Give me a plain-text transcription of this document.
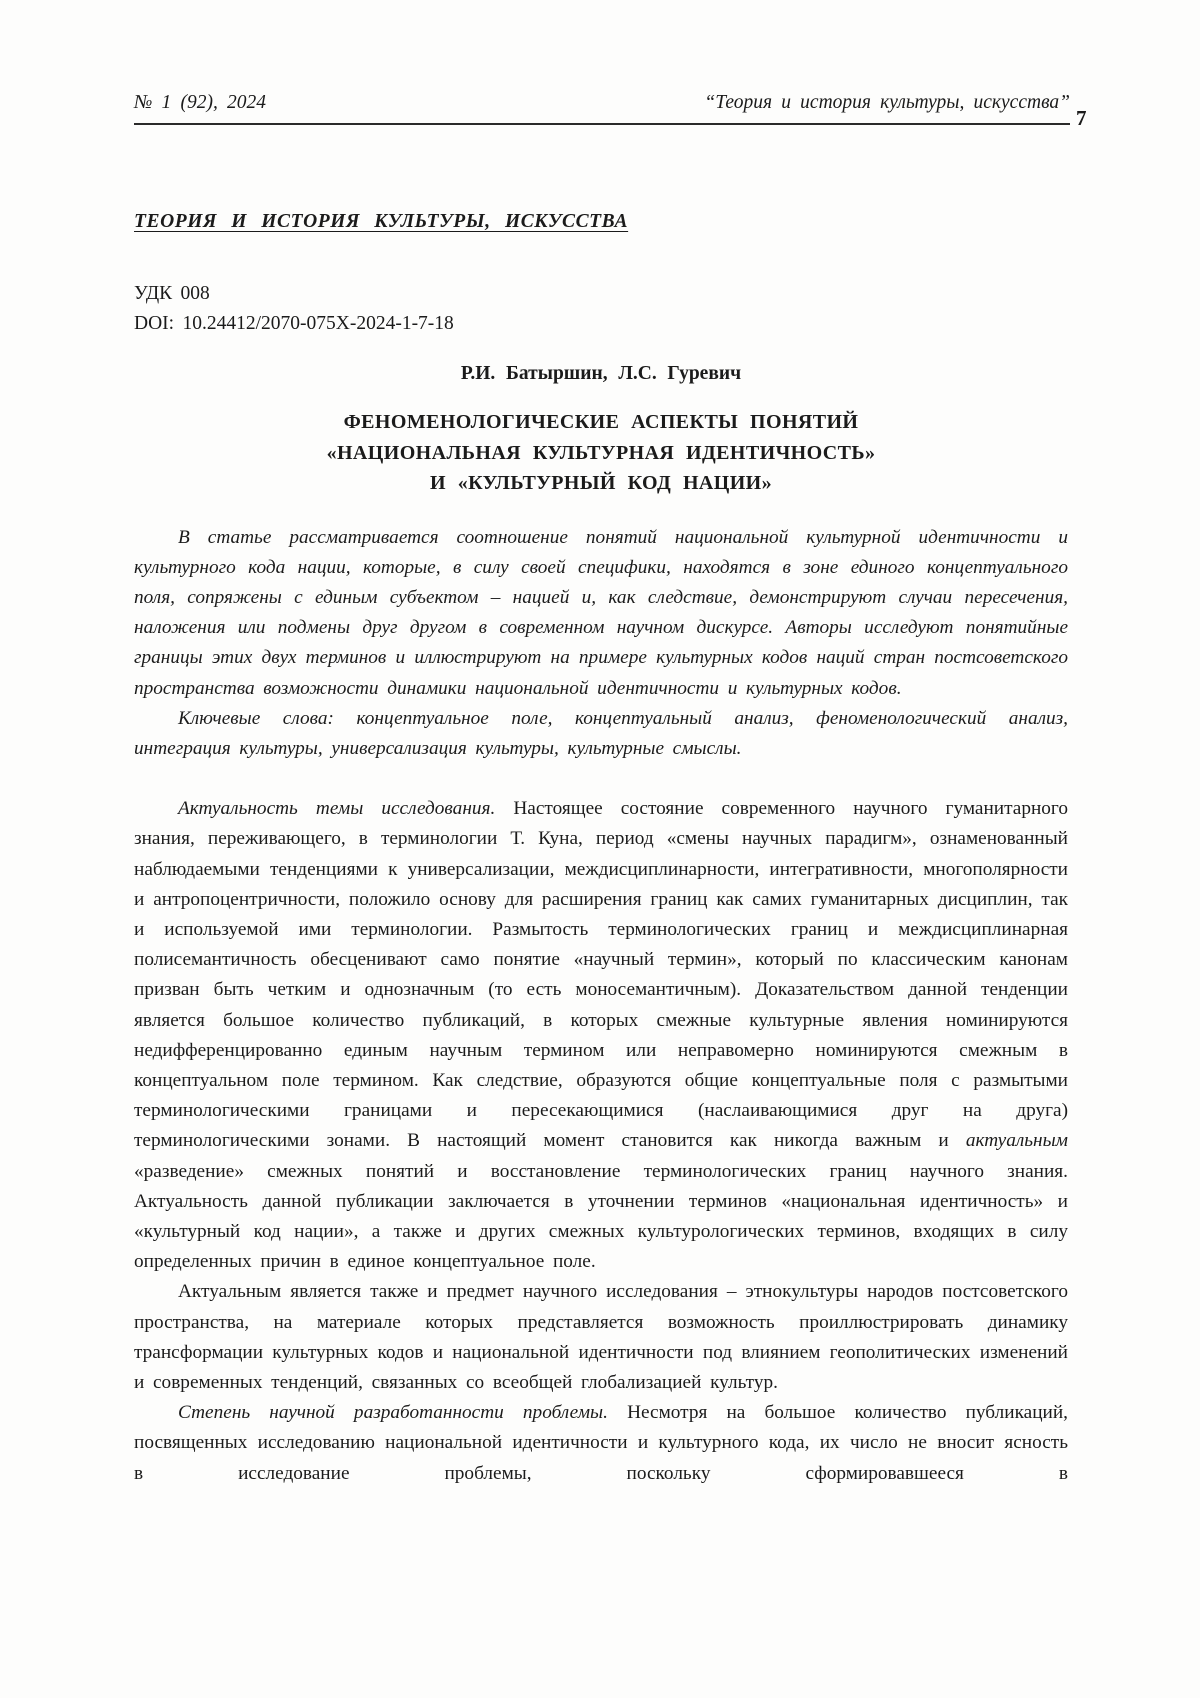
№ 1 (92), 2024	“Теория и история культуры, искусства”
7
ТЕОРИЯ И ИСТОРИЯ КУЛЬТУРЫ, ИСКУССТВА
УДК 008
DOI: 10.24412/2070-075X-2024-1-7-18
Р.И. Батыршин, Л.С. Гуревич
ФЕНОМЕНОЛОГИЧЕСКИЕ АСПЕКТЫ ПОНЯТИЙ
«НАЦИОНАЛЬНАЯ КУЛЬТУРНАЯ ИДЕНТИЧНОСТЬ»
И «КУЛЬТУРНЫЙ КОД НАЦИИ»

В статье рассматривается соотношение понятий национальной культурной идентичности и культурного кода нации, которые, в силу своей специфики, находятся в зоне единого концептуального поля, сопряжены с единым субъектом – нацией и, как следствие, демонстрируют случаи пересечения, наложения или подмены друг другом в современном научном дискурсе. Авторы исследуют понятийные границы этих двух терминов и иллюстрируют на примере культурных кодов наций стран постсоветского пространства возможности динамики национальной идентичности и культурных кодов.

Ключевые слова: концептуальное поле, концептуальный анализ, феноменологический анализ, интеграция культуры, универсализация культуры, культурные смыслы.

Актуальность темы исследования. Настоящее состояние современного научного гуманитарного знания, переживающего, в терминологии Т. Куна, период «смены научных парадигм», ознаменованный наблюдаемыми тенденциями к универсализации, междисциплинарности, интегративности, многополярности и антропоцентричности, положило основу для расширения границ как самих гуманитарных дисциплин, так и используемой ими терминологии. Размытость терминологических границ и междисциплинарная полисемантичность обесценивают само понятие «научный термин», который по классическим канонам призван быть четким и однозначным (то есть моносемантичным). Доказательством данной тенденции является большое количество публикаций, в которых смежные культурные явления номинируются недифференцированно единым научным термином или неправомерно номинируются смежным в концептуальном поле термином. Как следствие, образуются общие концептуальные поля с размытыми терминологическими границами и пересекающимися (наслаивающимися друг на друга) терминологическими зонами. В настоящий момент становится как никогда важным и актуальным «разведение» смежных понятий и восстановление терминологических границ научного знания. Актуальность данной публикации заключается в уточнении терминов «национальная идентичность» и «культурный код нации», а также и других смежных культурологических терминов, входящих в силу определенных причин в единое концептуальное поле.

Актуальным является также и предмет научного исследования – этнокультуры народов постсоветского пространства, на материале которых представляется возможность проиллюстрировать динамику трансформации культурных кодов и национальной идентичности под влиянием геополитических изменений и современных тенденций, связанных со всеобщей глобализацией культур.

Степень научной разработанности проблемы. Несмотря на большое количество публикаций, посвященных исследованию национальной идентичности и культурного кода, их число не вносит ясность в исследование проблемы, поскольку сформировавшееся в
